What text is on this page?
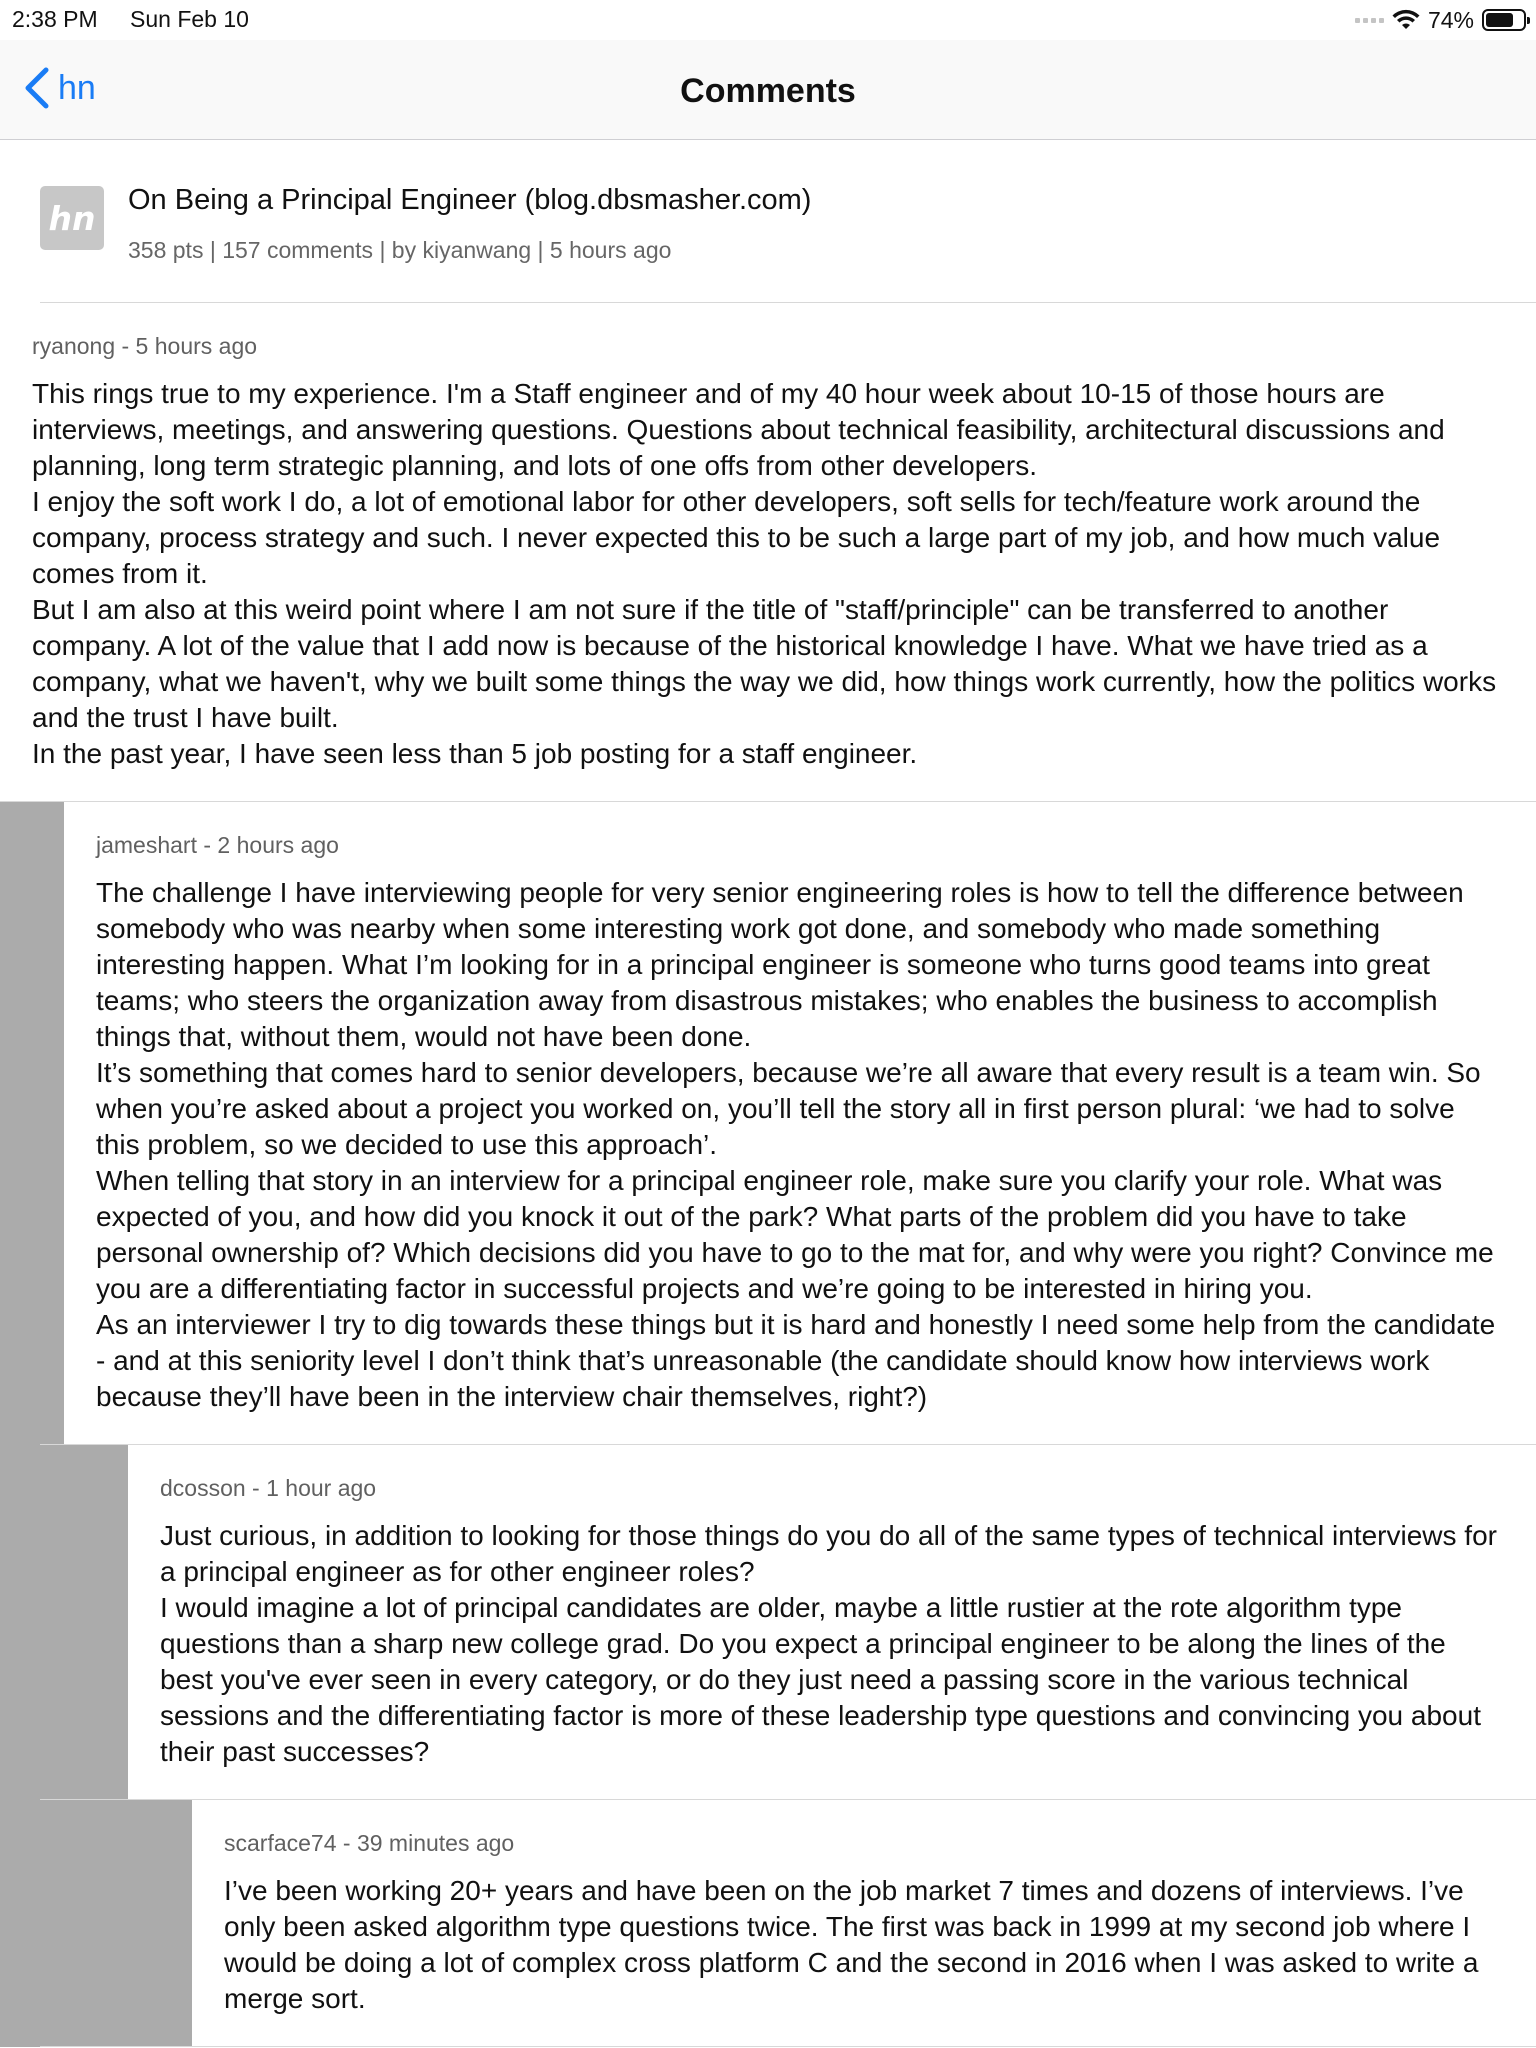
2:38 PM Sun Feb 10	74%
hn	Comments
hn On Being a Principal Engineer (blog.dbsmasher.com)
358 pts | 157 comments | by kiyanwang | 5 hours ago
ryanong - 5 hours ago

This rings true to my experience. I'm a Staff engineer and of my 40 hour week about 10-15 of those hours are interviews, meetings, and answering questions. Questions about technical feasibility, architectural discussions and planning, long term strategic planning, and lots of one offs from other developers.

I enjoy the soft work I do, a lot of emotional labor for other developers, soft sells for tech/feature work around the company, process strategy and such. I never expected this to be such a large part of my job, and how much value comes from it.

But I am also at this weird point where I am not sure if the title of "staff/principle" can be transferred to another company. A lot of the value that I add now is because of the historical knowledge I have. What we have tried as a company, what we haven't, why we built some things the way we did, how things work currently, how the politics works and the trust I have built.

In the past year, I have seen less than 5 job posting for a staff engineer.

jameshart - 2 hours ago

The challenge I have interviewing people for very senior engineering roles is how to tell the difference between somebody who was nearby when some interesting work got done, and somebody who made something interesting happen. What I’m looking for in a principal engineer is someone who turns good teams into great teams; who steers the organization away from disastrous mistakes; who enables the business to accomplish things that, without them, would not have been done.

It’s something that comes hard to senior developers, because we’re all aware that every result is a team win. So when you’re asked about a project you worked on, you’ll tell the story all in first person plural: ‘we had to solve this problem, so we decided to use this approach’.

When telling that story in an interview for a principal engineer role, make sure you clarify your role. What was expected of you, and how did you knock it out of the park? What parts of the problem did you have to take personal ownership of? Which decisions did you have to go to the mat for, and why were you right? Convince me you are a differentiating factor in successful projects and we’re going to be interested in hiring you.

As an interviewer I try to dig towards these things but it is hard and honestly I need some help from the candidate - and at this seniority level I don’t think that’s unreasonable (the candidate should know how interviews work because they’ll have been in the interview chair themselves, right?)

dcosson - 1 hour ago

Just curious, in addition to looking for those things do you do all of the same types of technical interviews for a principal engineer as for other engineer roles?

I would imagine a lot of principal candidates are older, maybe a little rustier at the rote algorithm type questions than a sharp new college grad. Do you expect a principal engineer to be along the lines of the best you've ever seen in every category, or do they just need a passing score in the various technical sessions and the differentiating factor is more of these leadership type questions and convincing you about their past successes?

scarface74 - 39 minutes ago

I’ve been working 20+ years and have been on the job market 7 times and dozens of interviews. I’ve only been asked algorithm type questions twice. The first was back in 1999 at my second job where I would be doing a lot of complex cross platform C and the second in 2016 when I was asked to write a merge sort.
